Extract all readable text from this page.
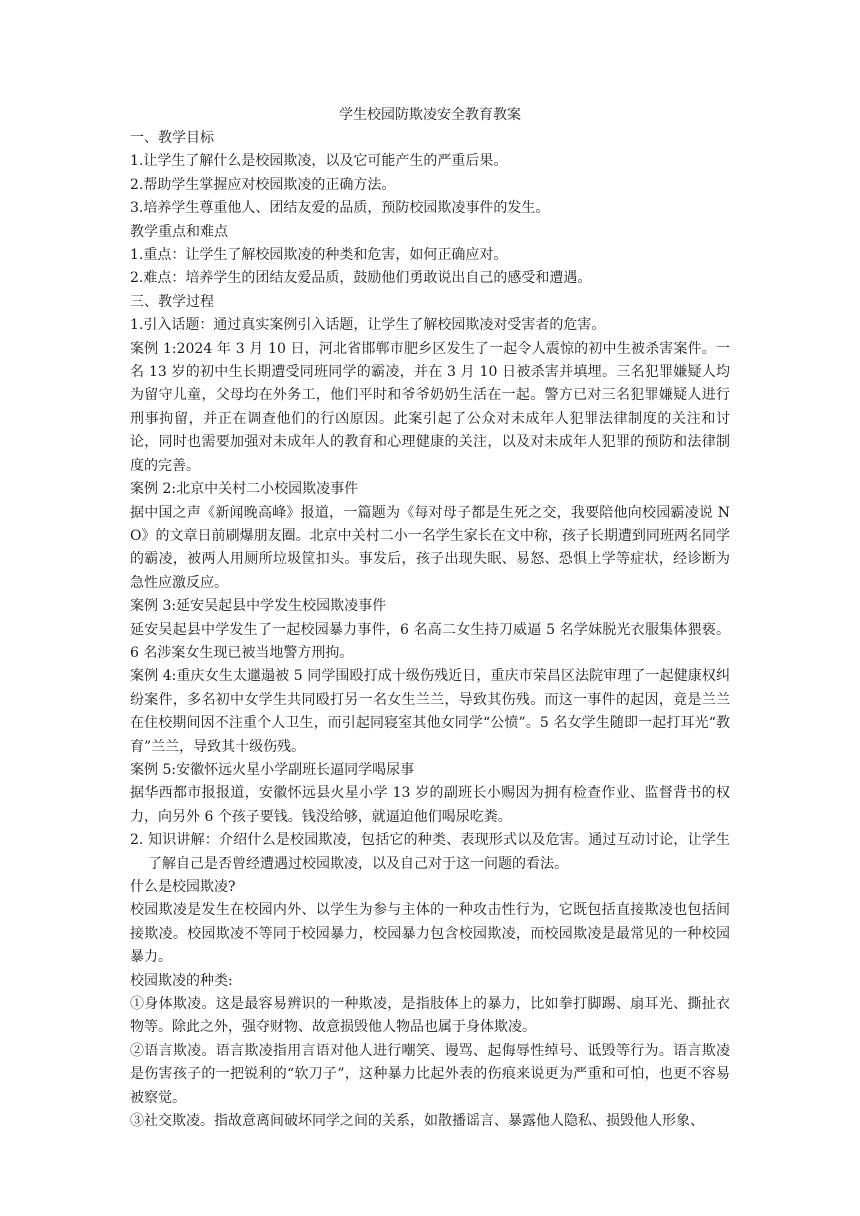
学生校园防欺凌安全教育教案

一、教学目标

1.让学生了解什么是校园欺凌，以及它可能产生的严重后果。

2.帮助学生掌握应对校园欺凌的正确方法。

3.培养学生尊重他人、团结友爱的品质，预防校园欺凌事件的发生。

教学重点和难点

1.重点：让学生了解校园欺凌的种类和危害，如何正确应对。

2.难点：培养学生的团结友爱品质，鼓励他们勇敢说出自己的感受和遭遇。

三、教学过程

1.引入话题：通过真实案例引入话题，让学生了解校园欺凌对受害者的危害。

案例 1:2024 年 3 月 10 日，河北省邯郸市肥乡区发生了一起令人震惊的初中生被杀害案件。一名 13 岁的初中生长期遭受同班同学的霸凌，并在 3 月 10 日被杀害并填埋。三名犯罪嫌疑人均为留守儿童，父母均在外务工，他们平时和爷爷奶奶生活在一起。警方已对三名犯罪嫌疑人进行刑事拘留，并正在调查他们的行凶原因。此案引起了公众对未成年人犯罪法律制度的关注和讨论，同时也需要加强对未成年人的教育和心理健康的关注，以及对未成年人犯罪的预防和法律制度的完善。

案例 2:北京中关村二小校园欺凌事件

据中国之声《新闻晚高峰》报道，一篇题为《每对母子都是生死之交，我要陪他向校园霸凌说 NO》的文章日前刷爆朋友圈。北京中关村二小一名学生家长在文中称，孩子长期遭到同班两名同学的霸凌，被两人用厕所垃圾筐扣头。事发后，孩子出现失眠、易怒、恐惧上学等症状，经诊断为急性应激反应。

案例 3:延安吴起县中学发生校园欺凌事件

延安吴起县中学发生了一起校园暴力事件，6 名高二女生持刀威逼 5 名学妹脱光衣服集体猥亵。6 名涉案女生现已被当地警方刑拘。

案例 4:重庆女生太邋遢被 5 同学围殴打成十级伤残近日，重庆市荣昌区法院审理了一起健康权纠纷案件，多名初中女学生共同殴打另一名女生兰兰，导致其伤残。而这一事件的起因，竟是兰兰在住校期间因不注重个人卫生，而引起同寝室其他女同学“公愤”。5 名女学生随即一起打耳光“教育”兰兰，导致其十级伤残。

案例 5:安徽怀远火星小学副班长逼同学喝尿事

据华西都市报报道，安徽怀远县火星小学 13 岁的副班长小赐因为拥有检查作业、监督背书的权力，向另外 6 个孩子要钱。钱没给够，就逼迫他们喝尿吃粪。

2. 知识讲解：介绍什么是校园欺凌，包括它的种类、表现形式以及危害。通过互动讨论，让学生了解自己是否曾经遭遇过校园欺凌，以及自己对于这一问题的看法。

什么是校园欺凌?

校园欺凌是发生在校园内外、以学生为参与主体的一种攻击性行为，它既包括直接欺凌也包括间接欺凌。校园欺凌不等同于校园暴力，校园暴力包含校园欺凌，而校园欺凌是最常见的一种校园暴力。

校园欺凌的种类:

①身体欺凌。这是最容易辨识的一种欺凌，是指肢体上的暴力，比如拳打脚踢、扇耳光、撕扯衣物等。除此之外，强夺财物、故意损毁他人物品也属于身体欺凌。

②语言欺凌。语言欺凌指用言语对他人进行嘲笑、谩骂、起侮辱性绰号、诋毁等行为。语言欺凌是伤害孩子的一把锐利的“软刀子”，这种暴力比起外表的伤痕来说更为严重和可怕，也更不容易被察觉。

③社交欺凌。指故意离间破坏同学之间的关系，如散播谣言、暴露他人隐私、损毁他人形象、
